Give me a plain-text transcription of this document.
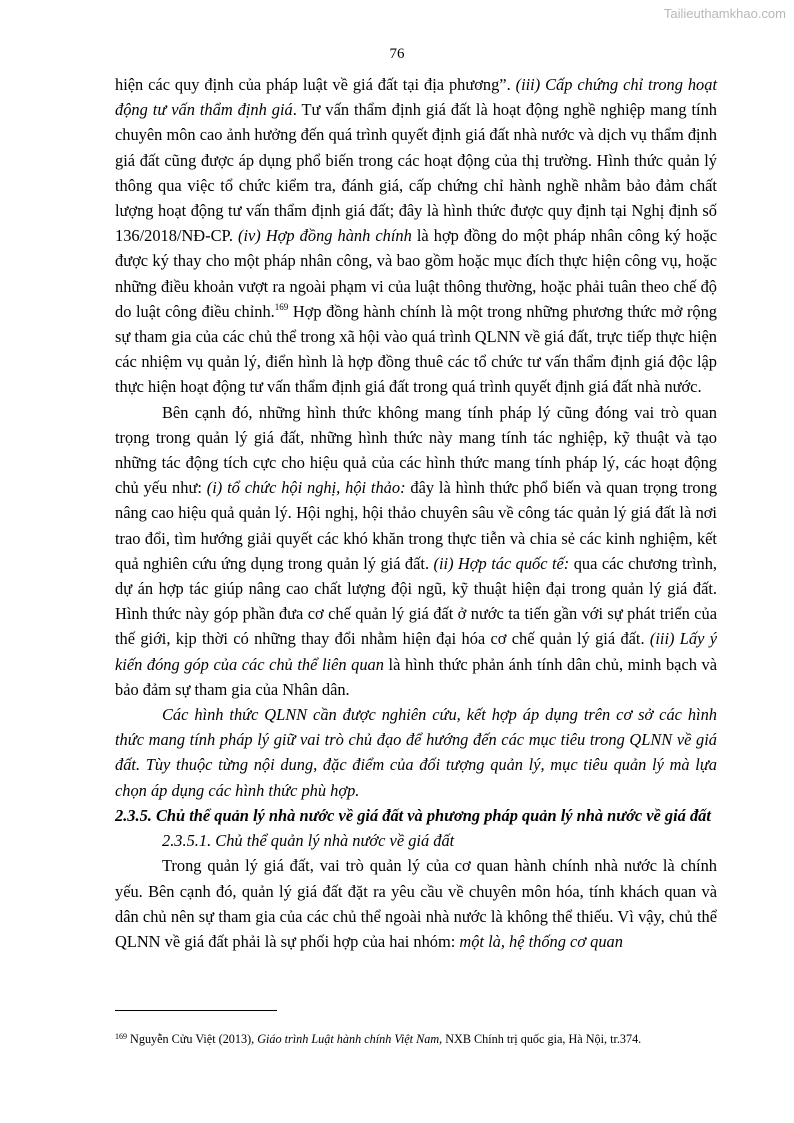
Tailieuthamkhao.com
76

hiện các quy định của pháp luật về giá đất tại địa phương”. (iii) Cấp chứng chỉ trong hoạt động tư vấn thẩm định giá. Tư vấn thẩm định giá đất là hoạt động nghề nghiệp mang tính chuyên môn cao ảnh hưởng đến quá trình quyết định giá đất nhà nước và dịch vụ thẩm định giá đất cũng được áp dụng phổ biến trong các hoạt động của thị trường. Hình thức quản lý thông qua việc tổ chức kiểm tra, đánh giá, cấp chứng chỉ hành nghề nhằm bảo đảm chất lượng hoạt động tư vấn thẩm định giá đất; đây là hình thức được quy định tại Nghị định số 136/2018/NĐ-CP. (iv) Hợp đồng hành chính là hợp đồng do một pháp nhân công ký hoặc được ký thay cho một pháp nhân công, và bao gồm hoặc mục đích thực hiện công vụ, hoặc những điều khoản vượt ra ngoài phạm vi của luật thông thường, hoặc phải tuân theo chế độ do luật công điều chỉnh.$^{169}$ Hợp đồng hành chính là một trong những phương thức mở rộng sự tham gia của các chủ thể trong xã hội vào quá trình QLNN về giá đất, trực tiếp thực hiện các nhiệm vụ quản lý, điển hình là hợp đồng thuê các tổ chức tư vấn thẩm định giá độc lập thực hiện hoạt động tư vấn thẩm định giá đất trong quá trình quyết định giá đất nhà nước.

Bên cạnh đó, những hình thức không mang tính pháp lý cũng đóng vai trò quan trọng trong quản lý giá đất, những hình thức này mang tính tác nghiệp, kỹ thuật và tạo những tác động tích cực cho hiệu quả của các hình thức mang tính pháp lý, các hoạt động chủ yếu như: (i) tổ chức hội nghị, hội thảo: đây là hình thức phổ biến và quan trọng trong nâng cao hiệu quả quản lý. Hội nghị, hội thảo chuyên sâu về công tác quản lý giá đất là nơi trao đổi, tìm hướng giải quyết các khó khăn trong thực tiễn và chia sẻ các kinh nghiệm, kết quả nghiên cứu ứng dụng trong quản lý giá đất. (ii) Hợp tác quốc tế: qua các chương trình, dự án hợp tác giúp nâng cao chất lượng đội ngũ, kỹ thuật hiện đại trong quản lý giá đất. Hình thức này góp phần đưa cơ chế quản lý giá đất ở nước ta tiến gần với sự phát triển của thế giới, kịp thời có những thay đổi nhằm hiện đại hóa cơ chế quản lý giá đất. (iii) Lấy ý kiến đóng góp của các chủ thể liên quan là hình thức phản ánh tính dân chủ, minh bạch và bảo đảm sự tham gia của Nhân dân.

Các hình thức QLNN cần được nghiên cứu, kết hợp áp dụng trên cơ sở các hình thức mang tính pháp lý giữ vai trò chủ đạo để hướng đến các mục tiêu trong QLNN về giá đất. Tùy thuộc từng nội dung, đặc điểm của đối tượng quản lý, mục tiêu quản lý mà lựa chọn áp dụng các hình thức phù hợp.

2.3.5. Chủ thể quản lý nhà nước về giá đất và phương pháp quản lý nhà nước về giá đất

2.3.5.1. Chủ thể quản lý nhà nước về giá đất

Trong quản lý giá đất, vai trò quản lý của cơ quan hành chính nhà nước là chính yếu. Bên cạnh đó, quản lý giá đất đặt ra yêu cầu về chuyên môn hóa, tính khách quan và dân chủ nên sự tham gia của các chủ thể ngoài nhà nước là không thể thiếu. Vì vậy, chủ thể QLNN về giá đất phải là sự phối hợp của hai nhóm: một là, hệ thống cơ quan

$^{169}$ Nguyễn Cửu Việt (2013), Giáo trình Luật hành chính Việt Nam, NXB Chính trị quốc gia, Hà Nội, tr.374.
